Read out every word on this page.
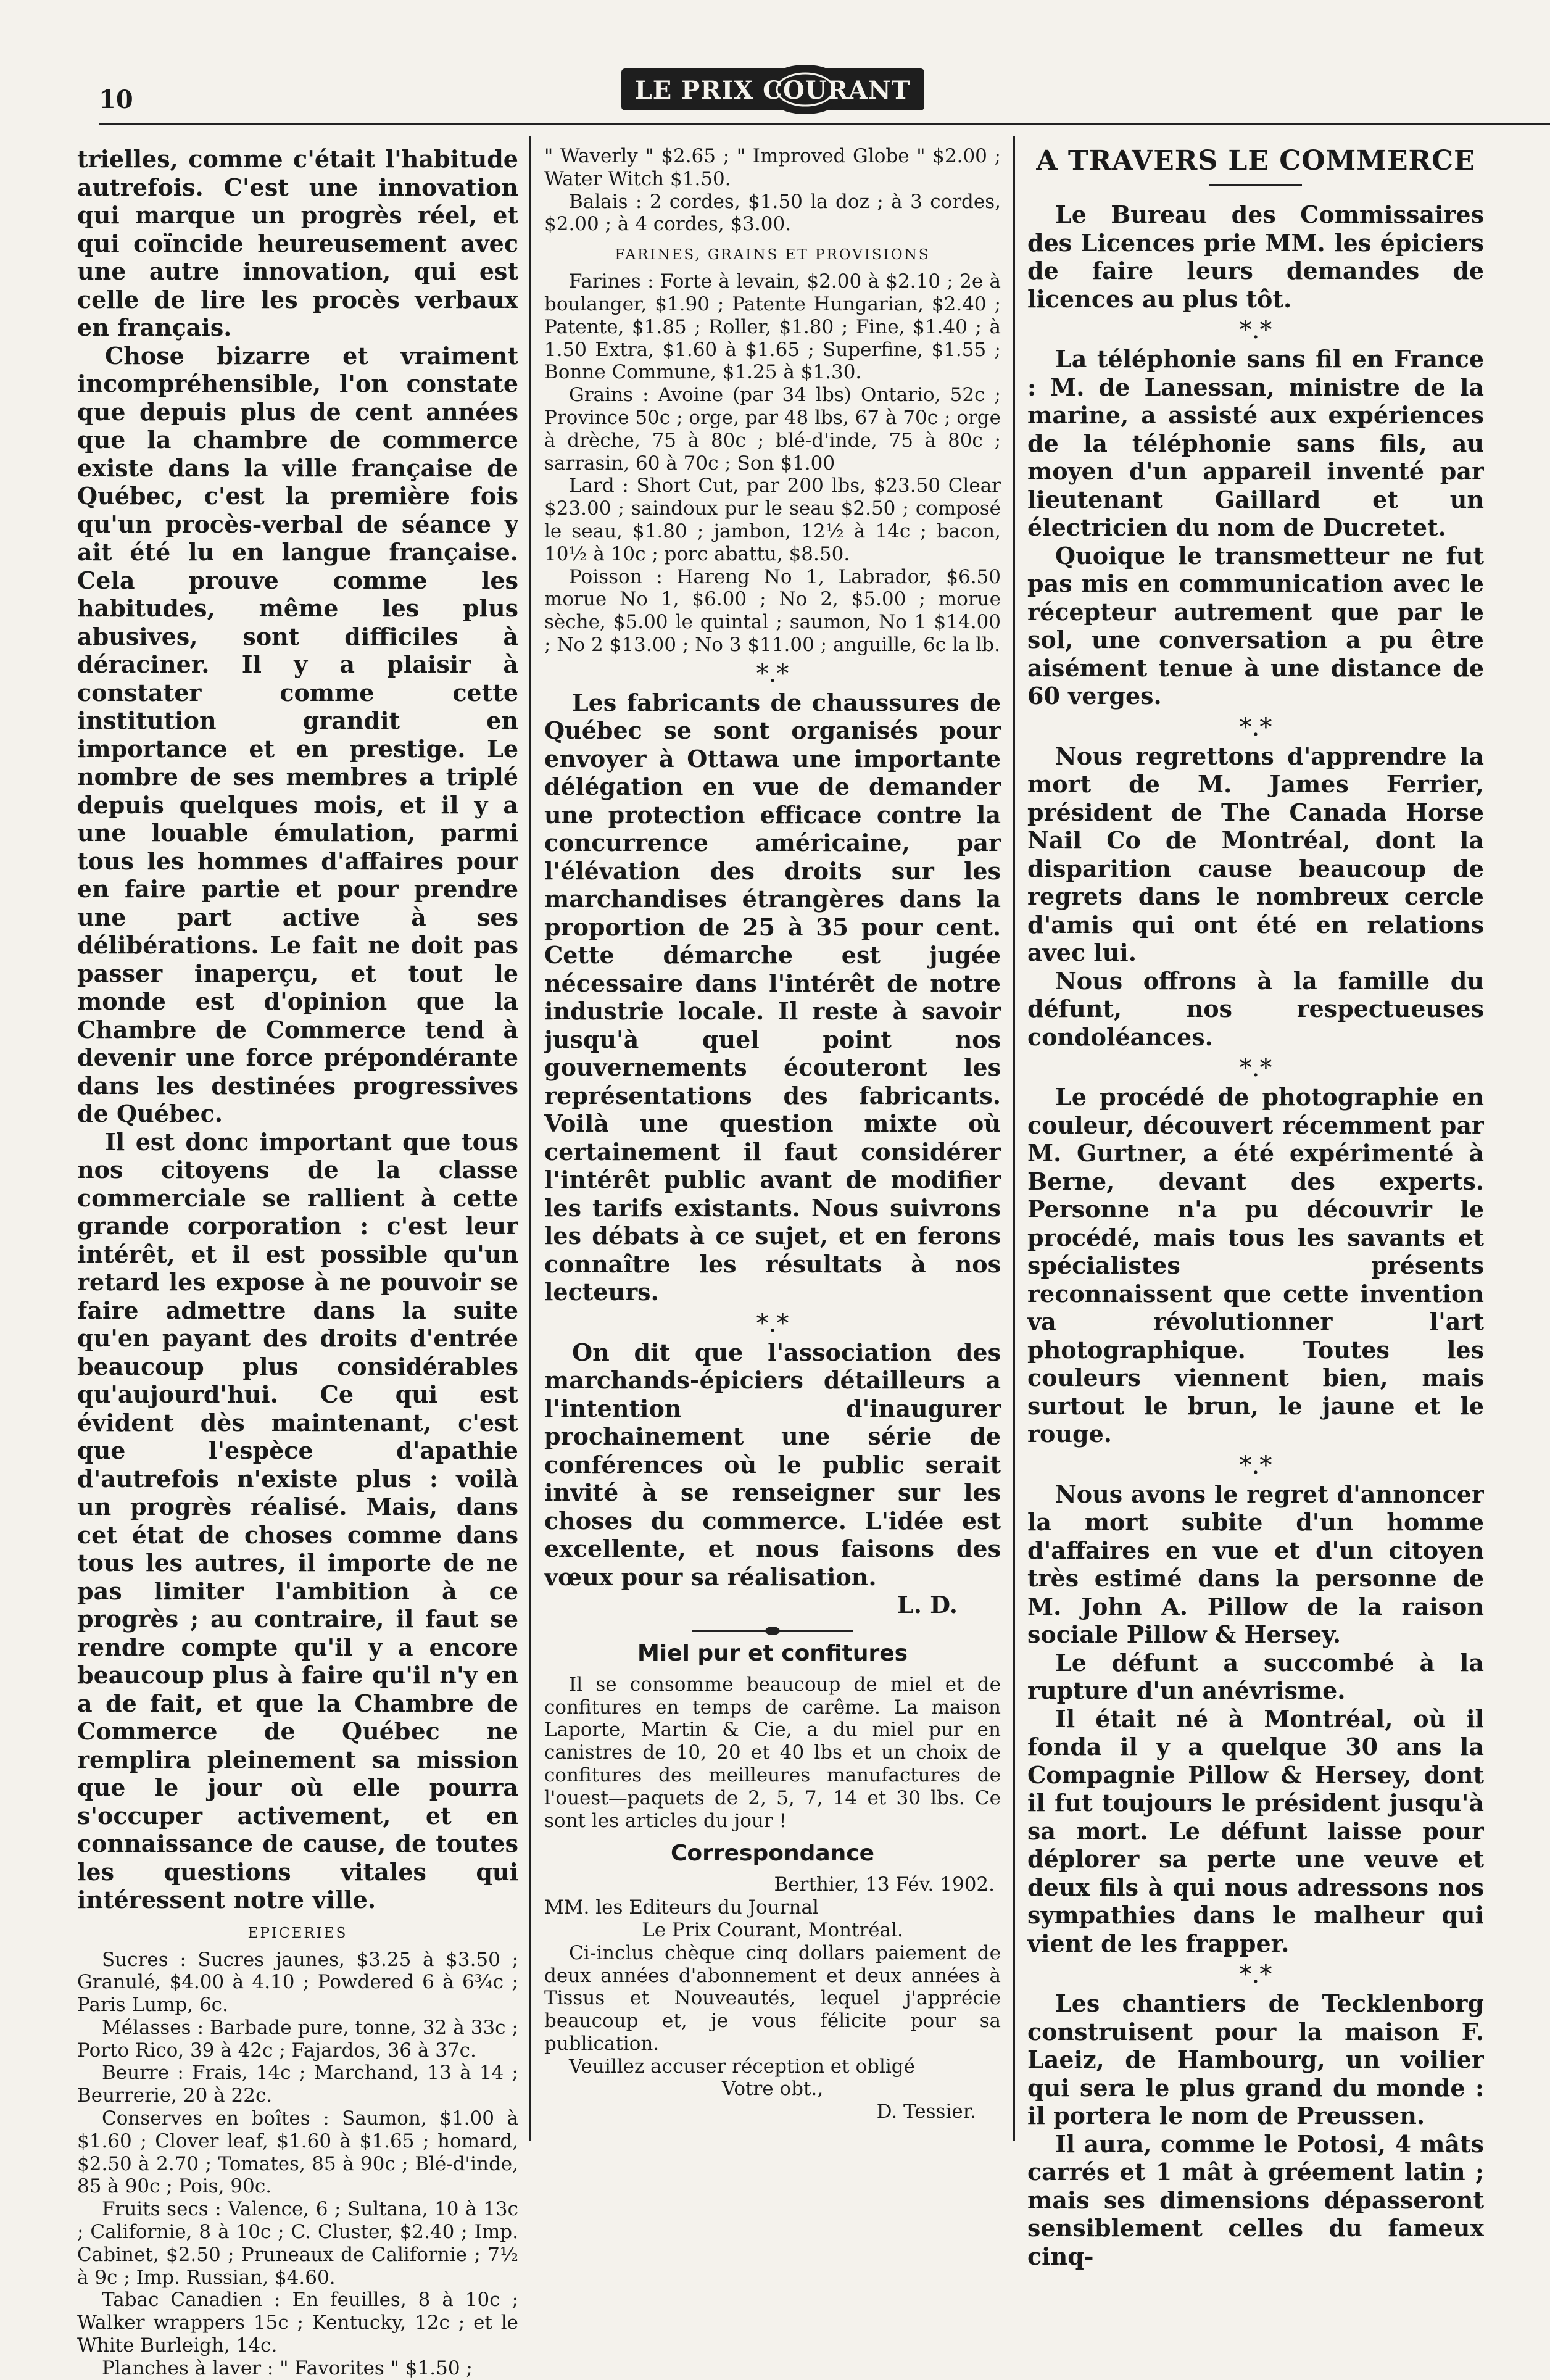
10	LE PRIX COURANT

trielles, comme c'était l'habitude autrefois. C'est une innovation qui marque un progrès réel, et qui coïncide heureusement avec une autre innovation, qui est celle de lire les procès verbaux en français.

Chose bizarre et vraiment incompréhensible, l'on constate que depuis plus de cent années que la chambre de commerce existe dans la ville française de Québec, c'est la première fois qu'un procès-verbal de séance y ait été lu en langue française. Cela prouve comme les habitudes, même les plus abusives, sont difficiles à déraciner. Il y a plaisir à constater comme cette institution grandit en importance et en prestige. Le nombre de ses membres a triplé depuis quelques mois, et il y a une louable émulation, parmi tous les hommes d'affaires pour en faire partie et pour prendre une part active à ses délibérations. Le fait ne doit pas passer inaperçu, et tout le monde est d'opinion que la Chambre de Commerce tend à devenir une force prépondérante dans les destinées progressives de Québec.

Il est donc important que tous nos citoyens de la classe commerciale se rallient à cette grande corporation : c'est leur intérêt, et il est possible qu'un retard les expose à ne pouvoir se faire admettre dans la suite qu'en payant des droits d'entrée beaucoup plus considérables qu'aujourd'hui. Ce qui est évident dès maintenant, c'est que l'espèce d'apathie d'autrefois n'existe plus : voilà un progrès réalisé. Mais, dans cet état de choses comme dans tous les autres, il importe de ne pas limiter l'ambition à ce progrès ; au contraire, il faut se rendre compte qu'il y a encore beaucoup plus à faire qu'il n'y en a de fait, et que la Chambre de Commerce de Québec ne remplira pleinement sa mission que le jour où elle pourra s'occuper activement, et en connaissance de cause, de toutes les questions vitales qui intéressent notre ville.

EPICERIES

Sucres : Sucres jaunes, $3.25 à $3.50 ; Granulé, $4.00 à 4.10 ; Powdered 6 à 6¾c ; Paris Lump, 6c.

Mélasses : Barbade pure, tonne, 32 à 33c ; Porto Rico, 39 à 42c ; Fajardos, 36 à 37c.

Beurre : Frais, 14c ; Marchand, 13 à 14 ; Beurrerie, 20 à 22c.

Conserves en boîtes : Saumon, $1.00 à $1.60 ; Clover leaf, $1.60 à $1.65 ; homard, $2.50 à 2.70 ; Tomates, 85 à 90c ; Blé-d'inde, 85 à 90c ; Pois, 90c.

Fruits secs : Valence, 6 ; Sultana, 10 à 13c ; Californie, 8 à 10c ; C. Cluster, $2.40 ; Imp. Cabinet, $2.50 ; Pruneaux de Californie ; 7½ à 9c ; Imp. Russian, $4.60.

Tabac Canadien : En feuilles, 8 à 10c ; Walker wrappers 15c ; Kentucky, 12c ; et le White Burleigh, 14c.

Planches à laver : " Favorites " $1.50 ;

" Waverly " $2.65 ; " Improved Globe " $2.00 ; Water Witch $1.50.

Balais : 2 cordes, $1.50 la doz ; à 3 cordes, $2.00 ; à 4 cordes, $3.00.

FARINES, GRAINS ET PROVISIONS

Farines : Forte à levain, $2.00 à $2.10 ; 2e à boulanger, $1.90 ; Patente Hungarian, $2.40 ; Patente, $1.85 ; Roller, $1.80 ; Fine, $1.40 ; à 1.50 Extra, $1.60 à $1.65 ; Superfine, $1.55 ; Bonne Commune, $1.25 à $1.30.

Grains : Avoine (par 34 lbs) Ontario, 52c ; Province 50c ; orge, par 48 lbs, 67 à 70c ; orge à drèche, 75 à 80c ; blé-d'inde, 75 à 80c ; sarrasin, 60 à 70c ; Son $1.00

Lard : Short Cut, par 200 lbs, $23.50 Clear $23.00 ; saindoux pur le seau $2.50 ; composé le seau, $1.80 ; jambon, 12½ à 14c ; bacon, 10½ à 10c ; porc abattu, $8.50.

Poisson : Hareng No 1, Labrador, $6.50 morue No 1, $6.00 ; No 2, $5.00 ; morue sèche, $5.00 le quintal ; saumon, No 1 $14.00 ; No 2 $13.00 ; No 3 $11.00 ; anguille, 6c la lb.

*.*

Les fabricants de chaussures de Québec se sont organisés pour envoyer à Ottawa une importante délégation en vue de demander une protection efficace contre la concurrence américaine, par l'élévation des droits sur les marchandises étrangères dans la proportion de 25 à 35 pour cent. Cette démarche est jugée nécessaire dans l'intérêt de notre industrie locale. Il reste à savoir jusqu'à quel point nos gouvernements écouteront les représentations des fabricants. Voilà une question mixte où certainement il faut considérer l'intérêt public avant de modifier les tarifs existants. Nous suivrons les débats à ce sujet, et en ferons connaître les résultats à nos lecteurs.

*.*

On dit que l'association des marchands-épiciers détailleurs a l'intention d'inaugurer prochainement une série de conférences où le public serait invité à se renseigner sur les choses du commerce. L'idée est excellente, et nous faisons des vœux pour sa réalisation.

L. D.

Miel pur et confitures

Il se consomme beaucoup de miel et de confitures en temps de carême. La maison Laporte, Martin & Cie, a du miel pur en canistres de 10, 20 et 40 lbs et un choix de confitures des meilleures manufactures de l'ouest—paquets de 2, 5, 7, 14 et 30 lbs. Ce sont les articles du jour !

Correspondance

Berthier, 13 Fév. 1902.

MM. les Editeurs du Journal

Le Prix Courant, Montréal.

Ci-inclus chèque cinq dollars paiement de deux années d'abonnement et deux années à Tissus et Nouveautés, lequel j'apprécie beaucoup et, je vous félicite pour sa publication.

Veuillez accuser réception et obligé

Votre obt.,

D. Tessier.

A TRAVERS LE COMMERCE

Le Bureau des Commissaires des Licences prie MM. les épiciers de faire leurs demandes de licences au plus tôt.

*.*

La téléphonie sans fil en France : M. de Lanessan, ministre de la marine, a assisté aux expériences de la téléphonie sans fils, au moyen d'un appareil inventé par lieutenant Gaillard et un électricien du nom de Ducretet.

Quoique le transmetteur ne fut pas mis en communication avec le récepteur autrement que par le sol, une conversation a pu être aisément tenue à une distance de 60 verges.

*.*

Nous regrettons d'apprendre la mort de M. James Ferrier, président de The Canada Horse Nail Co de Montréal, dont la disparition cause beaucoup de regrets dans le nombreux cercle d'amis qui ont été en relations avec lui.

Nous offrons à la famille du défunt, nos respectueuses condoléances.

*.*

Le procédé de photographie en couleur, découvert récemment par M. Gurtner, a été expérimenté à Berne, devant des experts. Personne n'a pu découvrir le procédé, mais tous les savants et spécialistes présents reconnaissent que cette invention va révolutionner l'art photographique. Toutes les couleurs viennent bien, mais surtout le brun, le jaune et le rouge.

*.*

Nous avons le regret d'annoncer la mort subite d'un homme d'affaires en vue et d'un citoyen très estimé dans la personne de M. John A. Pillow de la raison sociale Pillow & Hersey.

Le défunt a succombé à la rupture d'un anévrisme.

Il était né à Montréal, où il fonda il y a quelque 30 ans la Compagnie Pillow & Hersey, dont il fut toujours le président jusqu'à sa mort. Le défunt laisse pour déplorer sa perte une veuve et deux fils à qui nous adressons nos sympathies dans le malheur qui vient de les frapper.

*.*

Les chantiers de Tecklenborg construisent pour la maison F. Laeiz, de Hambourg, un voilier qui sera le plus grand du monde : il portera le nom de Preussen.

Il aura, comme le Potosi, 4 mâts carrés et 1 mât à gréement latin ; mais ses dimensions dépasseront sensiblement celles du fameux cinq-
